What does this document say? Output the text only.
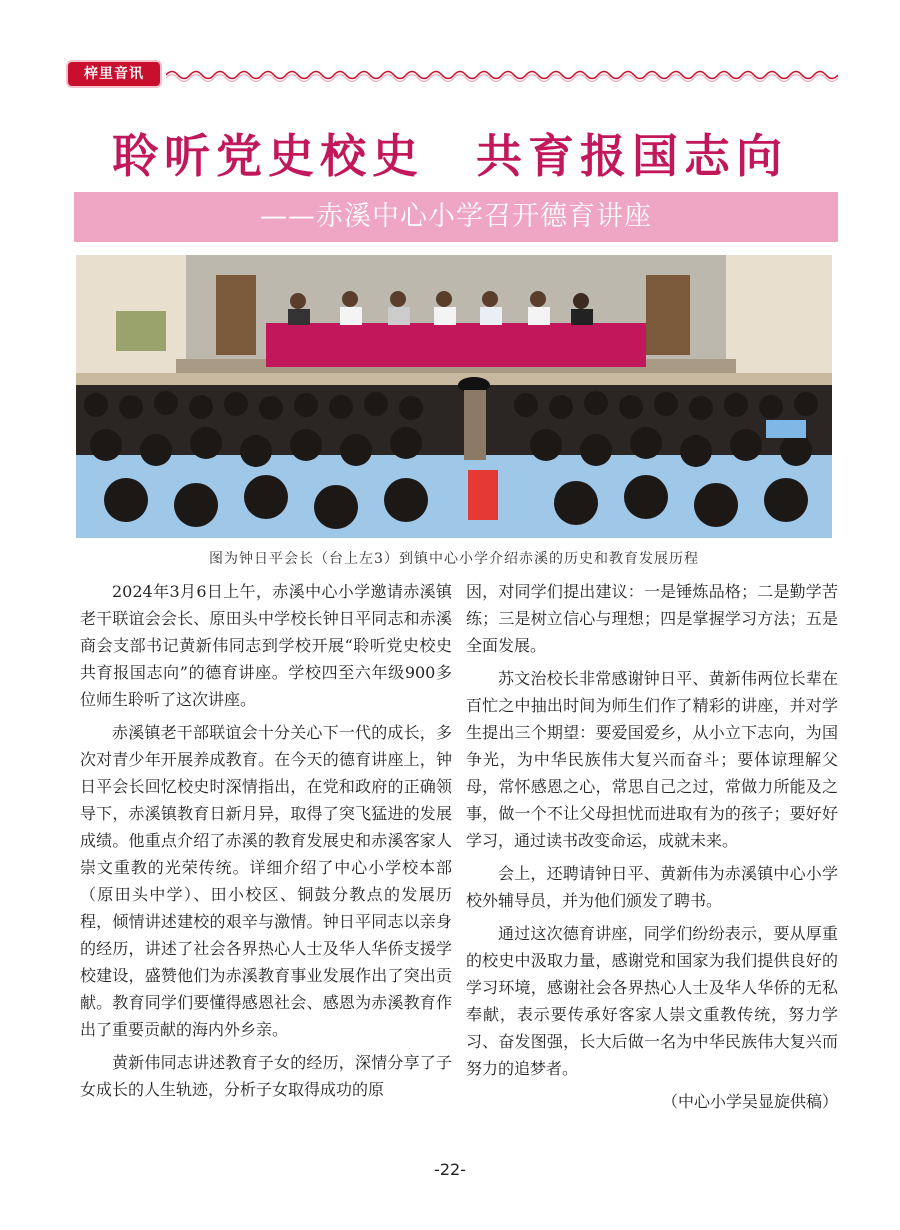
梓里音讯
聆听党史校史　共育报国志向
——赤溪中心小学召开德育讲座
图为钟日平会长（台上左3）到镇中心小学介绍赤溪的历史和教育发展历程

2024年3月6日上午，赤溪中心小学邀请赤溪镇老干联谊会会长、原田头中学校长钟日平同志和赤溪商会支部书记黄新伟同志到学校开展“聆听党史校史 共育报国志向”的德育讲座。学校四至六年级900多位师生聆听了这次讲座。

赤溪镇老干部联谊会十分关心下一代的成长，多次对青少年开展养成教育。在今天的德育讲座上，钟日平会长回忆校史时深情指出，在党和政府的正确领导下，赤溪镇教育日新月异，取得了突飞猛进的发展成绩。他重点介绍了赤溪的教育发展史和赤溪客家人崇文重教的光荣传统。详细介绍了中心小学校本部（原田头中学）、田小校区、铜鼓分教点的发展历程，倾情讲述建校的艰辛与激情。钟日平同志以亲身的经历，讲述了社会各界热心人士及华人华侨支援学校建设，盛赞他们为赤溪教育事业发展作出了突出贡献。教育同学们要懂得感恩社会、感恩为赤溪教育作出了重要贡献的海内外乡亲。

黄新伟同志讲述教育子女的经历，深情分享了子女成长的人生轨迹，分析子女取得成功的原

因，对同学们提出建议：一是锤炼品格；二是勤学苦练；三是树立信心与理想；四是掌握学习方法；五是全面发展。

苏文治校长非常感谢钟日平、黄新伟两位长辈在百忙之中抽出时间为师生们作了精彩的讲座，并对学生提出三个期望：要爱国爱乡，从小立下志向，为国争光，为中华民族伟大复兴而奋斗；要体谅理解父母，常怀感恩之心，常思自己之过，常做力所能及之事，做一个不让父母担忧而进取有为的孩子；要好好学习，通过读书改变命运，成就未来。

会上，还聘请钟日平、黄新伟为赤溪镇中心小学校外辅导员，并为他们颁发了聘书。

通过这次德育讲座，同学们纷纷表示，要从厚重的校史中汲取力量，感谢党和国家为我们提供良好的学习环境，感谢社会各界热心人士及华人华侨的无私奉献，表示要传承好客家人崇文重教传统，努力学习、奋发图强，长大后做一名为中华民族伟大复兴而努力的追梦者。

（中心小学吴显旋供稿）

-22-
